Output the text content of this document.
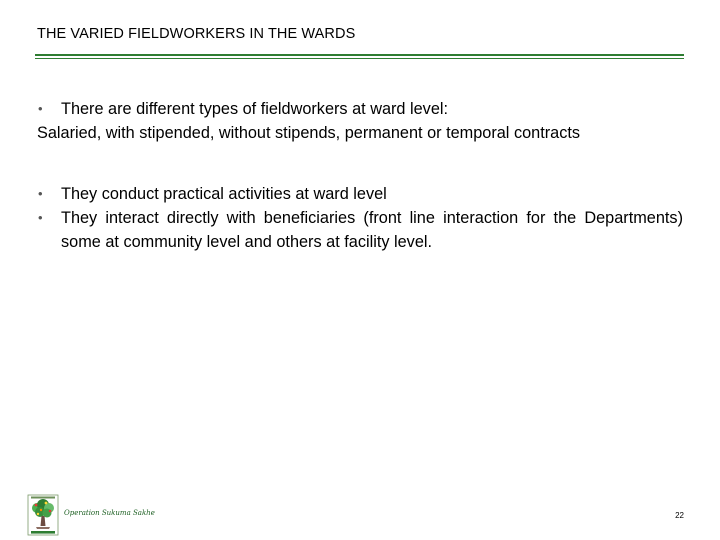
THE VARIED FIELDWORKERS IN THE WARDS
•	There are different types of fieldworkers at ward level:
Salaried, with stipended, without stipends, permanent or temporal contracts
•	They conduct practical activities at ward level
•	They interact directly with beneficiaries (front line interaction for the Departments) some at community level and others at facility level.
Operation Sukuma Sakhe	22
